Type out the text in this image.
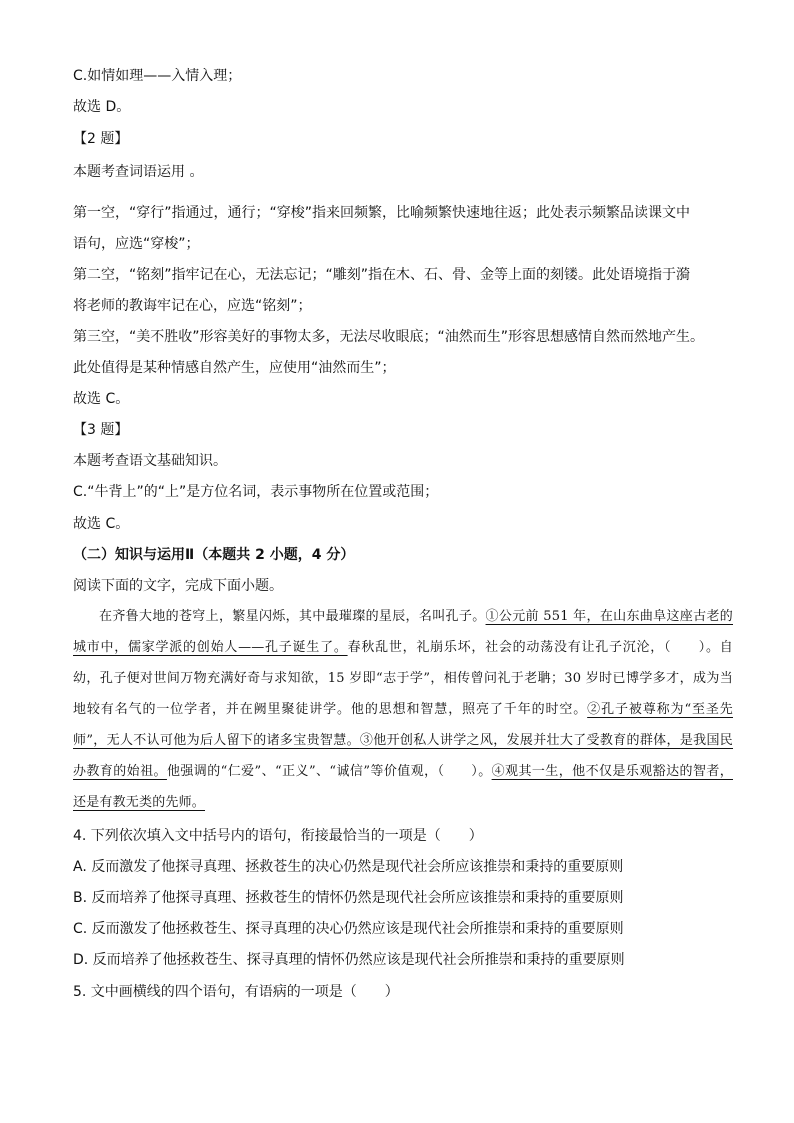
C.如情如理——入情入理；
故选 D。
【2 题】
本题考查词语运用 。
第一空，“穿行”指通过，通行；“穿梭”指来回频繁，比喻频繁快速地往返；此处表示频繁品读课文中
语句，应选“穿梭”；
第二空，“铭刻”指牢记在心，无法忘记；“雕刻”指在木、石、骨、金等上面的刻镂。此处语境指于漪
将老师的教诲牢记在心，应选“铭刻”；
第三空，“美不胜收”形容美好的事物太多，无法尽收眼底；“油然而生”形容思想感情自然而然地产生。
此处值得是某种情感自然产生，应使用“油然而生”；
故选 C。
【3 题】
本题考查语文基础知识。
C.“牛背上”的“上”是方位名词，表示事物所在位置或范围；
故选 C。
（二）知识与运用Ⅱ（本题共 2 小题，4 分）
阅读下面的文字，完成下面小题。

在齐鲁大地的苍穹上，繁星闪烁，其中最璀璨的星辰，名叫孔子。①公元前 551 年，在山东曲阜这座古老的城市中，儒家学派的创始人——孔子诞生了。春秋乱世，礼崩乐坏，社会的动荡没有让孔子沉沦，（　　）。自幼，孔子便对世间万物充满好奇与求知欲，15 岁即“志于学”，相传曾问礼于老聃；30 岁时已博学多才，成为当地较有名气的一位学者，并在阙里聚徒讲学。他的思想和智慧，照亮了千年的时空。②孔子被尊称为“至圣先师”，无人不认可他为后人留下的诸多宝贵智慧。③他开创私人讲学之风，发展并壮大了受教育的群体，是我国民办教育的始祖。他强调的“仁爱”、“正义”、“诚信”等价值观，（　　）。④观其一生，他不仅是乐观豁达的智者，还是有教无类的先师。

4. 下列依次填入文中括号内的语句，衔接最恰当的一项是（　　）
A. 反而激发了他探寻真理、拯救苍生的决心仍然是现代社会所应该推崇和秉持的重要原则
B. 反而培养了他探寻真理、拯救苍生的情怀仍然是现代社会所应该推崇和秉持的重要原则
C. 反而激发了他拯救苍生、探寻真理的决心仍然应该是现代社会所推崇和秉持的重要原则
D. 反而培养了他拯救苍生、探寻真理的情怀仍然应该是现代社会所推崇和秉持的重要原则
5. 文中画横线的四个语句，有语病的一项是（　　）
